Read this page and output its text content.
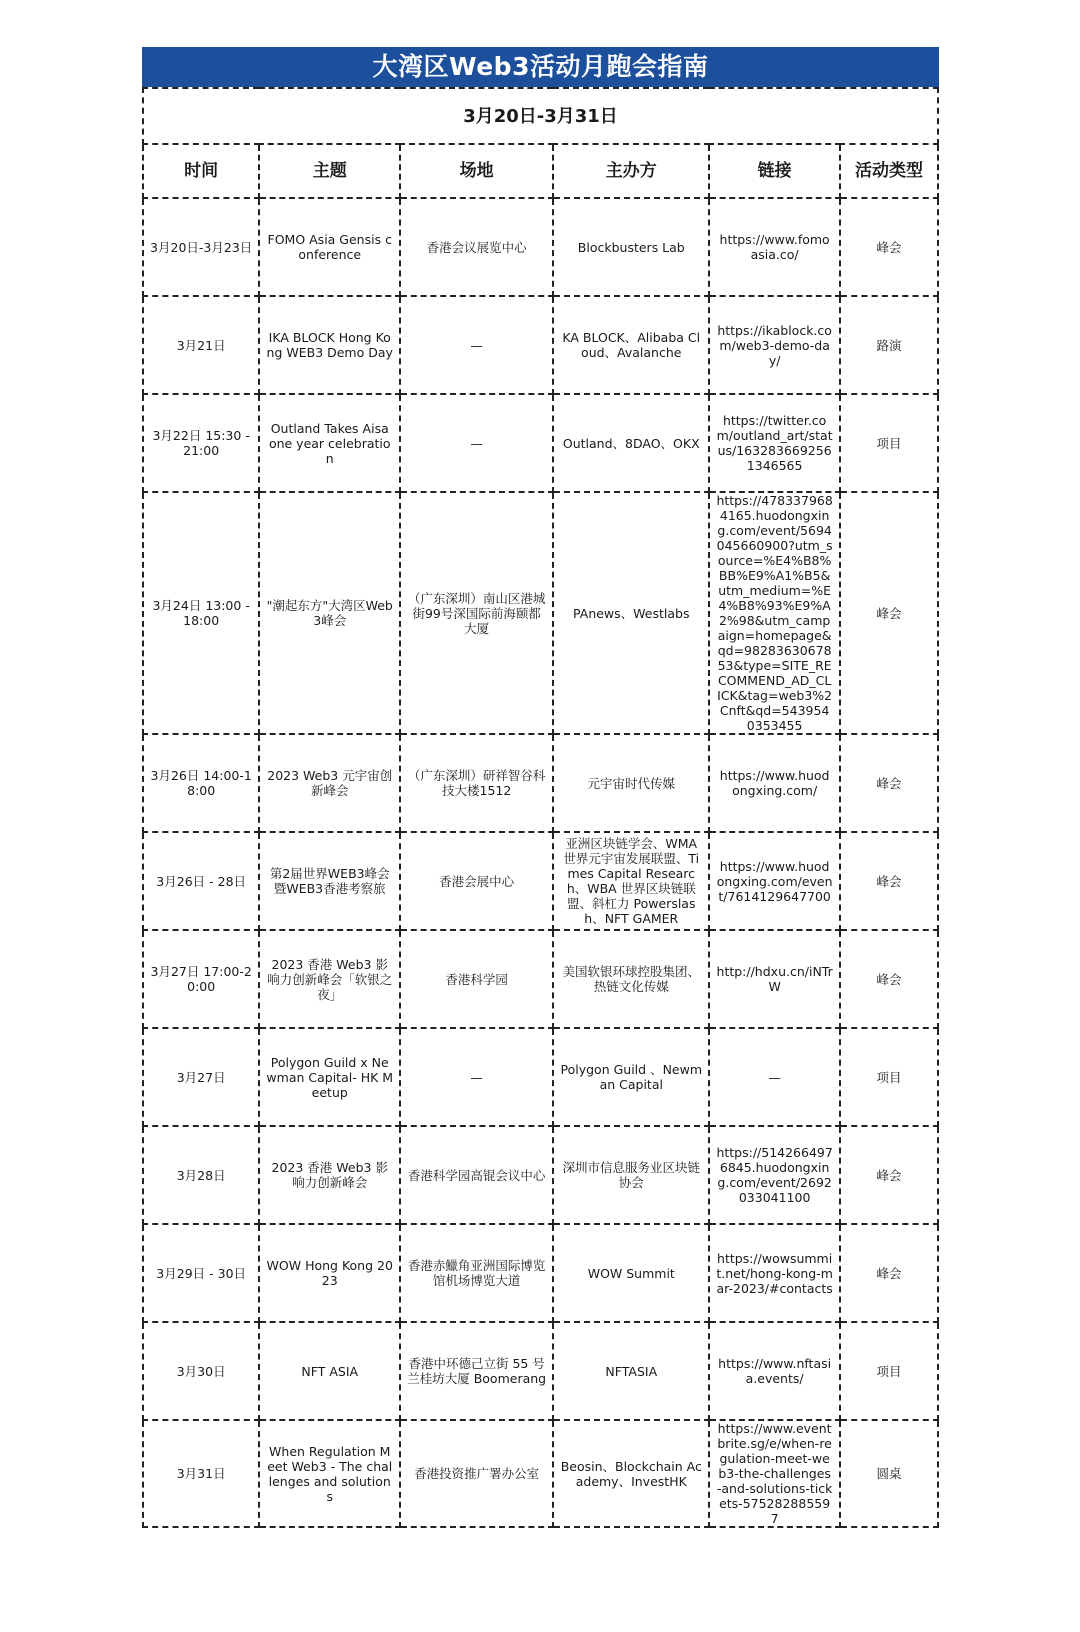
大湾区Web3活动月跑会指南
3月20日-3月31日					
时间	主题	场地	主办方	链接	活动类型
3月20日-3月23日	FOMO Asia Gensis conference	香港会议展览中心	Blockbusters Lab	https://www.fomoasia.co/	峰会
3月21日	IKA BLOCK Hong Kong WEB3 Demo Day	—	KA BLOCK、Alibaba Cloud、Avalanche	https://ikablock.com/web3-demo-day/	路演
3月22日 15:30 - 21:00	Outland Takes Aisa one year celebration	—	Outland、8DAO、OKX	https://twitter.com/outland_art/status/1632836692561346565	项目
3月24日 13:00 - 18:00	"潮起东方"大湾区Web3峰会	（广东深圳）南山区港城街99号深国际前海颐都大厦	PAnews、Westlabs	https://4783379684165.huodongxing.com/event/5694045660900?utm_source=%E4%B8%BB%E9%A1%B5&utm_medium=%E4%B8%93%E9%A2%98&utm_campaign=homepage&qd=9828363067853&type=SITE_RECOMMEND_AD_CLICK&tag=web3%2Cnft&qd=5439540353455	峰会
3月26日 14:00-18:00	2023 Web3 元宇宙创新峰会	（广东深圳）研祥智谷科技大楼1512	元宇宙时代传媒	https://www.huodongxing.com/	峰会
3月26日 - 28日	第2届世界WEB3峰会暨WEB3香港考察旅	香港会展中心	亚洲区块链学会、WMA世界元宇宙发展联盟、Times Capital Research、WBA 世界区块链联盟、斜杠力 Powerslash、NFT GAMER	https://www.huodongxing.com/event/7614129647700	峰会
3月27日 17:00-20:00	2023 香港 Web3 影响力创新峰会「软银之夜」	香港科学园	美国软银环球控股集团、热链文化传媒	http://hdxu.cn/iNTrW	峰会
3月27日	Polygon Guild x Newman Capital- HK Meetup	—	Polygon Guild 、Newman Capital	—	项目
3月28日	2023 香港 Web3 影响力创新峰会	香港科学园高锟会议中心	深圳市信息服务业区块链协会	https://5142664976845.huodongxing.com/event/2692033041100	峰会
3月29日 - 30日	WOW Hong Kong 2023	香港赤鱲角亚洲国际博览馆机场博览大道	WOW Summit	https://wowsummit.net/hong-kong-mar-2023/#contacts	峰会
3月30日	NFT ASIA	香港中环德己立街 55 号兰桂坊大厦 Boomerang	NFTASIA	https://www.nftasia.events/	项目
3月31日	When Regulation Meet Web3 - The challenges and solutions	香港投资推广署办公室	Beosin、Blockchain Academy、InvestHK	https://www.eventbrite.sg/e/when-regulation-meet-web3-the-challenges-and-solutions-tickets-575282885597	圆桌
